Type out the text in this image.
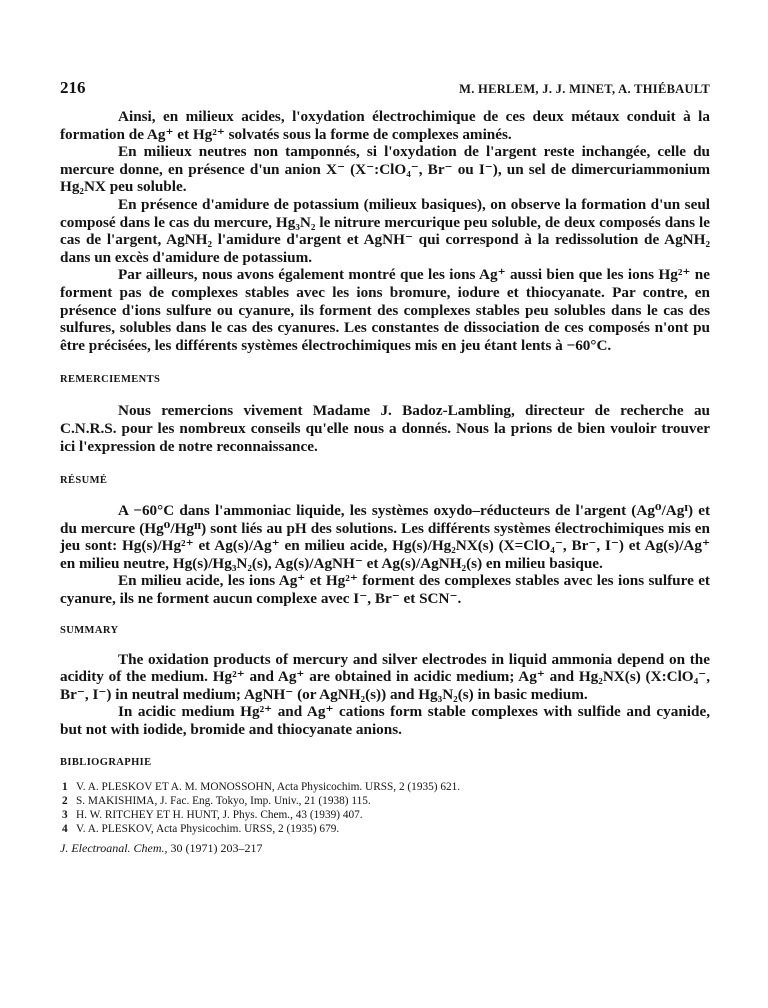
216	M. HERLEM, J. J. MINET, A. THIÉBAULT

Ainsi, en milieux acides, l'oxydation électrochimique de ces deux métaux conduit à la formation de Ag⁺ et Hg²⁺ solvatés sous la forme de complexes aminés.

En milieux neutres non tamponnés, si l'oxydation de l'argent reste inchangée, celle du mercure donne, en présence d'un anion X⁻ (X⁻:ClO₄⁻, Br⁻ ou I⁻), un sel de dimercuriammonium Hg₂NX peu soluble.

En présence d'amidure de potassium (milieux basiques), on observe la formation d'un seul composé dans le cas du mercure, Hg₃N₂ le nitrure mercurique peu soluble, de deux composés dans le cas de l'argent, AgNH₂ l'amidure d'argent et AgNH⁻ qui correspond à la redissolution de AgNH₂ dans un excès d'amidure de potassium.

Par ailleurs, nous avons également montré que les ions Ag⁺ aussi bien que les ions Hg²⁺ ne forment pas de complexes stables avec les ions bromure, iodure et thiocyanate. Par contre, en présence d'ions sulfure ou cyanure, ils forment des complexes stables peu solubles dans le cas des sulfures, solubles dans le cas des cyanures. Les constantes de dissociation de ces composés n'ont pu être précisées, les différents systèmes électrochimiques mis en jeu étant lents à −60°C.

REMERCIEMENTS

Nous remercions vivement Madame J. Badoz-Lambling, directeur de recherche au C.N.R.S. pour les nombreux conseils qu'elle nous a donnés. Nous la prions de bien vouloir trouver ici l'expression de notre reconnaissance.

RÉSUMÉ

A −60°C dans l'ammoniac liquide, les systèmes oxydo–réducteurs de l'argent (Ag⁰/Agᴵ) et du mercure (Hg⁰/Hgᴵᴵ) sont liés au pH des solutions. Les différents systèmes électrochimiques mis en jeu sont: Hg(s)/Hg²⁺ et Ag(s)/Ag⁺ en milieu acide, Hg(s)/Hg₂NX(s) (X=ClO₄⁻, Br⁻, I⁻) et Ag(s)/Ag⁺ en milieu neutre, Hg(s)/Hg₃N₂(s), Ag(s)/AgNH⁻ et Ag(s)/AgNH₂(s) en milieu basique.

En milieu acide, les ions Ag⁺ et Hg²⁺ forment des complexes stables avec les ions sulfure et cyanure, ils ne forment aucun complexe avec I⁻, Br⁻ et SCN⁻.

SUMMARY

The oxidation products of mercury and silver electrodes in liquid ammonia depend on the acidity of the medium. Hg²⁺ and Ag⁺ are obtained in acidic medium; Ag⁺ and Hg₂NX(s) (X:ClO₄⁻, Br⁻, I⁻) in neutral medium; AgNH⁻ (or AgNH₂(s)) and Hg₃N₂(s) in basic medium.

In acidic medium Hg²⁺ and Ag⁺ cations form stable complexes with sulfide and cyanide, but not with iodide, bromide and thiocyanate anions.

BIBLIOGRAPHIE
1 V. A. PLESKOV ET A. M. MONOSSOHN, Acta Physicochim. URSS, 2 (1935) 621.
2 S. MAKISHIMA, J. Fac. Eng. Tokyo, Imp. Univ., 21 (1938) 115.
3 H. W. RITCHEY ET H. HUNT, J. Phys. Chem., 43 (1939) 407.
4 V. A. PLESKOV, Acta Physicochim. URSS, 2 (1935) 679.
J. Electroanal. Chem., 30 (1971) 203–217
